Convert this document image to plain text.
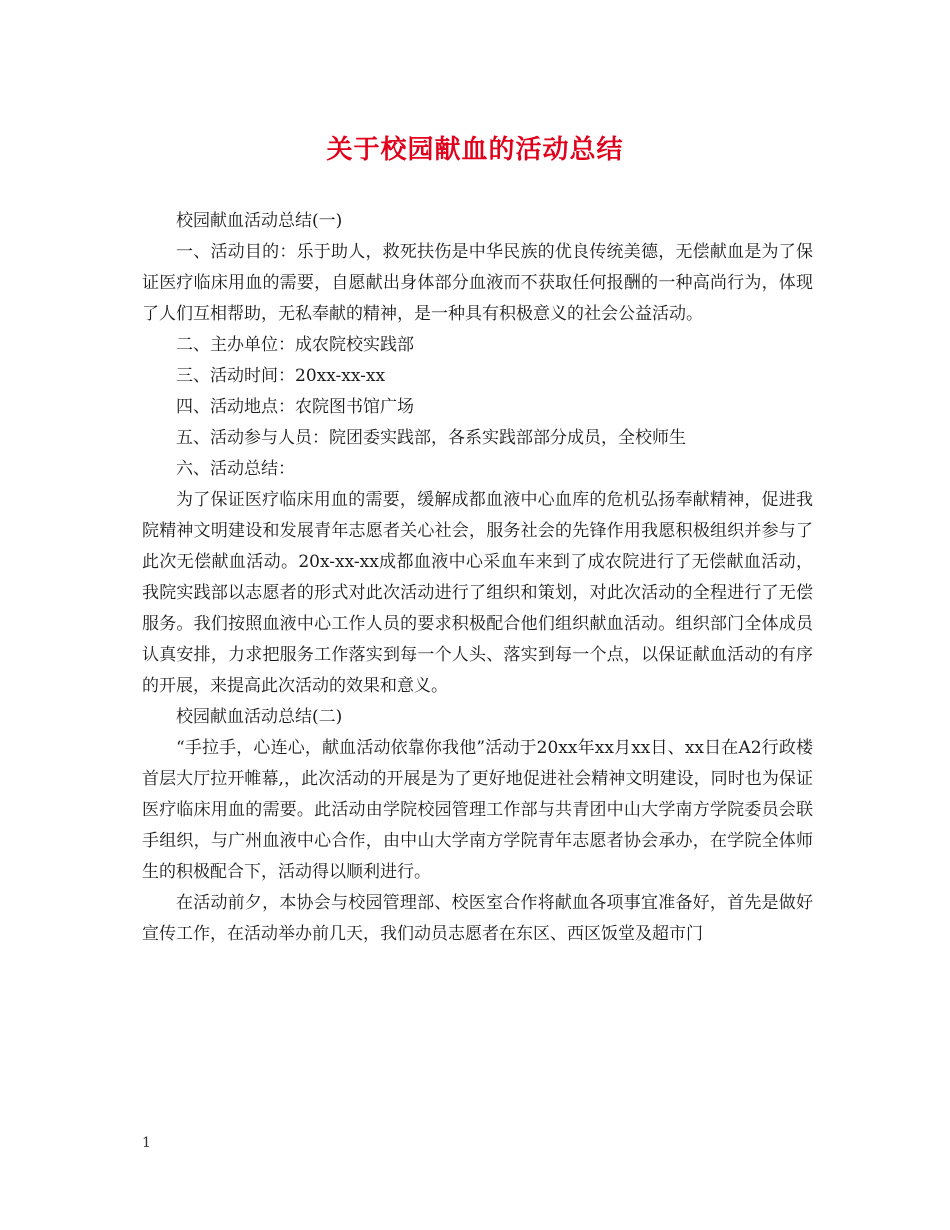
关于校园献血的活动总结

校园献血活动总结(一)

一、活动目的：乐于助人，救死扶伤是中华民族的优良传统美德，无偿献血是为了保证医疗临床用血的需要，自愿献出身体部分血液而不获取任何报酬的一种高尚行为，体现了人们互相帮助，无私奉献的精神，是一种具有积极意义的社会公益活动。

二、主办单位：成农院校实践部

三、活动时间：20xx-xx-xx

四、活动地点：农院图书馆广场

五、活动参与人员：院团委实践部，各系实践部部分成员，全校师生

六、活动总结：

为了保证医疗临床用血的需要，缓解成都血液中心血库的危机弘扬奉献精神，促进我院精神文明建设和发展青年志愿者关心社会，服务社会的先锋作用我愿积极组织并参与了此次无偿献血活动。20x-xx-xx成都血液中心采血车来到了成农院进行了无偿献血活动，我院实践部以志愿者的形式对此次活动进行了组织和策划，对此次活动的全程进行了无偿服务。我们按照血液中心工作人员的要求积极配合他们组织献血活动。组织部门全体成员认真安排，力求把服务工作落实到每一个人头、落实到每一个点，以保证献血活动的有序的开展，来提高此次活动的效果和意义。

校园献血活动总结(二)

“手拉手，心连心，献血活动依靠你我他”活动于20xx年xx月xx日、xx日在A2行政楼首层大厅拉开帷幕,，此次活动的开展是为了更好地促进社会精神文明建设，同时也为保证医疗临床用血的需要。此活动由学院校园管理工作部与共青团中山大学南方学院委员会联手组织，与广州血液中心合作，由中山大学南方学院青年志愿者协会承办，在学院全体师生的积极配合下，活动得以顺利进行。

在活动前夕，本协会与校园管理部、校医室合作将献血各项事宜准备好，首先是做好宣传工作，在活动举办前几天，我们动员志愿者在东区、西区饭堂及超市门

1
